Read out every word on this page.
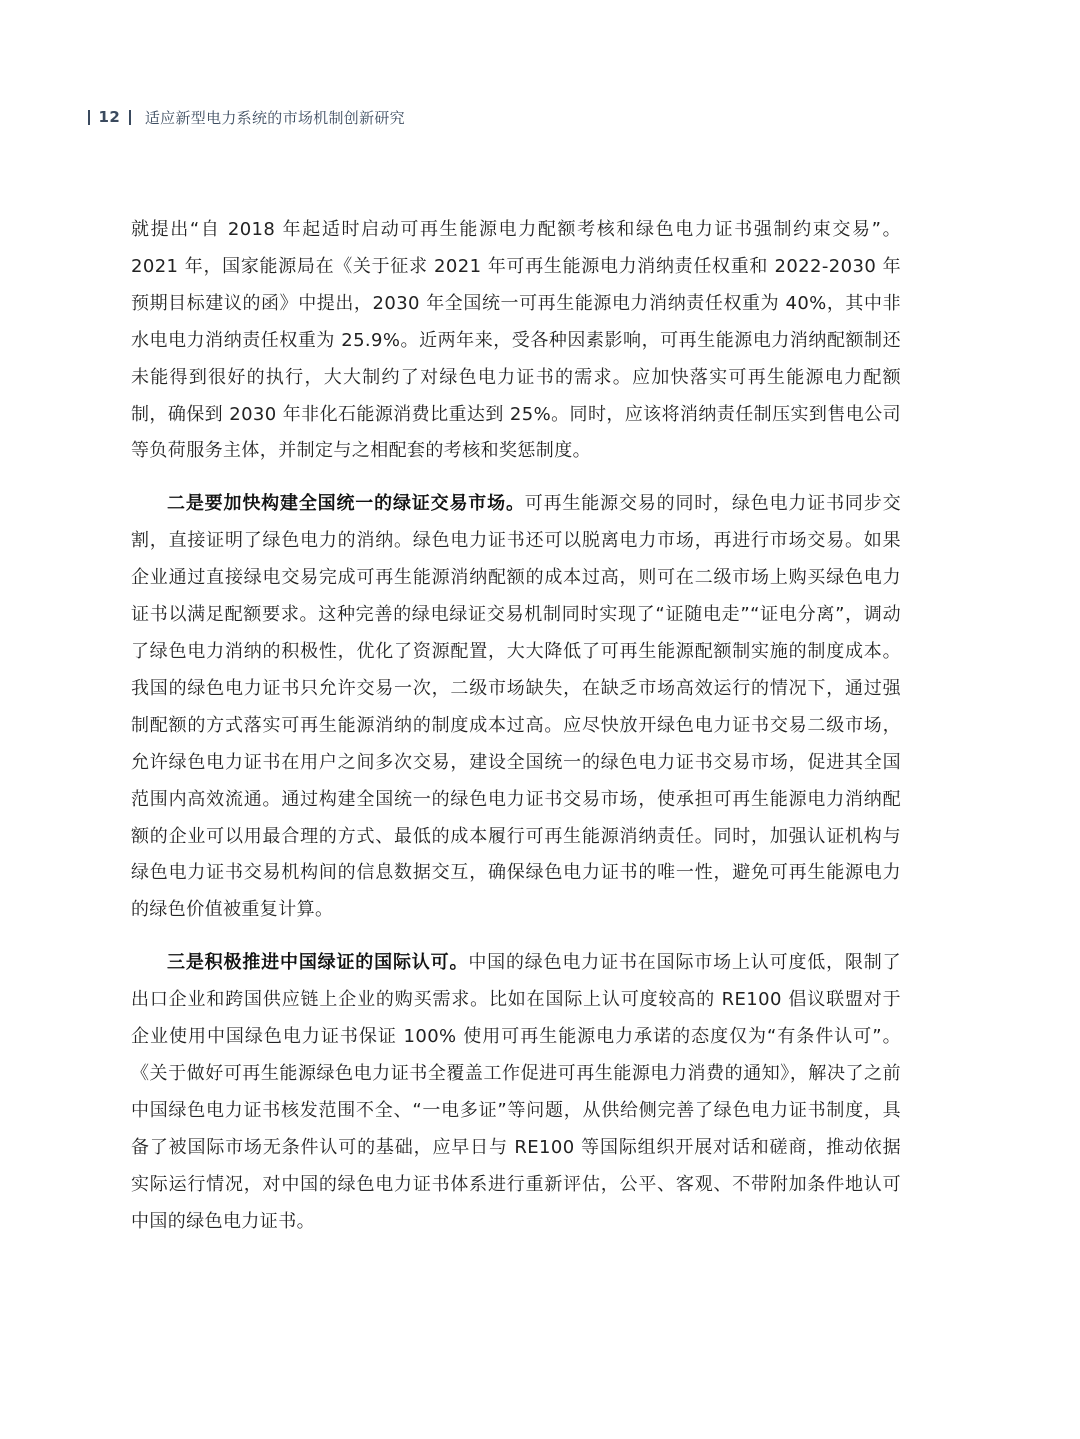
12 适应新型电力系统的市场机制创新研究

就提出“自 2018 年起适时启动可再生能源电力配额考核和绿色电力证书强制约束交易”。2021 年，国家能源局在《关于征求 2021 年可再生能源电力消纳责任权重和 2022-2030 年预期目标建议的函》中提出，2030 年全国统一可再生能源电力消纳责任权重为 40%，其中非水电电力消纳责任权重为 25.9%。近两年来，受各种因素影响，可再生能源电力消纳配额制还未能得到很好的执行，大大制约了对绿色电力证书的需求。应加快落实可再生能源电力配额制，确保到 2030 年非化石能源消费比重达到 25%。同时，应该将消纳责任制压实到售电公司等负荷服务主体，并制定与之相配套的考核和奖惩制度。

二是要加快构建全国统一的绿证交易市场。可再生能源交易的同时，绿色电力证书同步交割，直接证明了绿色电力的消纳。绿色电力证书还可以脱离电力市场，再进行市场交易。如果企业通过直接绿电交易完成可再生能源消纳配额的成本过高，则可在二级市场上购买绿色电力证书以满足配额要求。这种完善的绿电绿证交易机制同时实现了“证随电走”“证电分离”，调动了绿色电力消纳的积极性，优化了资源配置，大大降低了可再生能源配额制实施的制度成本。我国的绿色电力证书只允许交易一次，二级市场缺失，在缺乏市场高效运行的情况下，通过强制配额的方式落实可再生能源消纳的制度成本过高。应尽快放开绿色电力证书交易二级市场，允许绿色电力证书在用户之间多次交易，建设全国统一的绿色电力证书交易市场，促进其全国范围内高效流通。通过构建全国统一的绿色电力证书交易市场，使承担可再生能源电力消纳配额的企业可以用最合理的方式、最低的成本履行可再生能源消纳责任。同时，加强认证机构与绿色电力证书交易机构间的信息数据交互，确保绿色电力证书的唯一性，避免可再生能源电力的绿色价值被重复计算。

三是积极推进中国绿证的国际认可。中国的绿色电力证书在国际市场上认可度低，限制了出口企业和跨国供应链上企业的购买需求。比如在国际上认可度较高的 RE100 倡议联盟对于企业使用中国绿色电力证书保证 100% 使用可再生能源电力承诺的态度仅为“有条件认可”。《关于做好可再生能源绿色电力证书全覆盖工作促进可再生能源电力消费的通知》，解决了之前中国绿色电力证书核发范围不全、“一电多证”等问题，从供给侧完善了绿色电力证书制度，具备了被国际市场无条件认可的基础，应早日与 RE100 等国际组织开展对话和磋商，推动依据实际运行情况，对中国的绿色电力证书体系进行重新评估，公平、客观、不带附加条件地认可中国的绿色电力证书。
